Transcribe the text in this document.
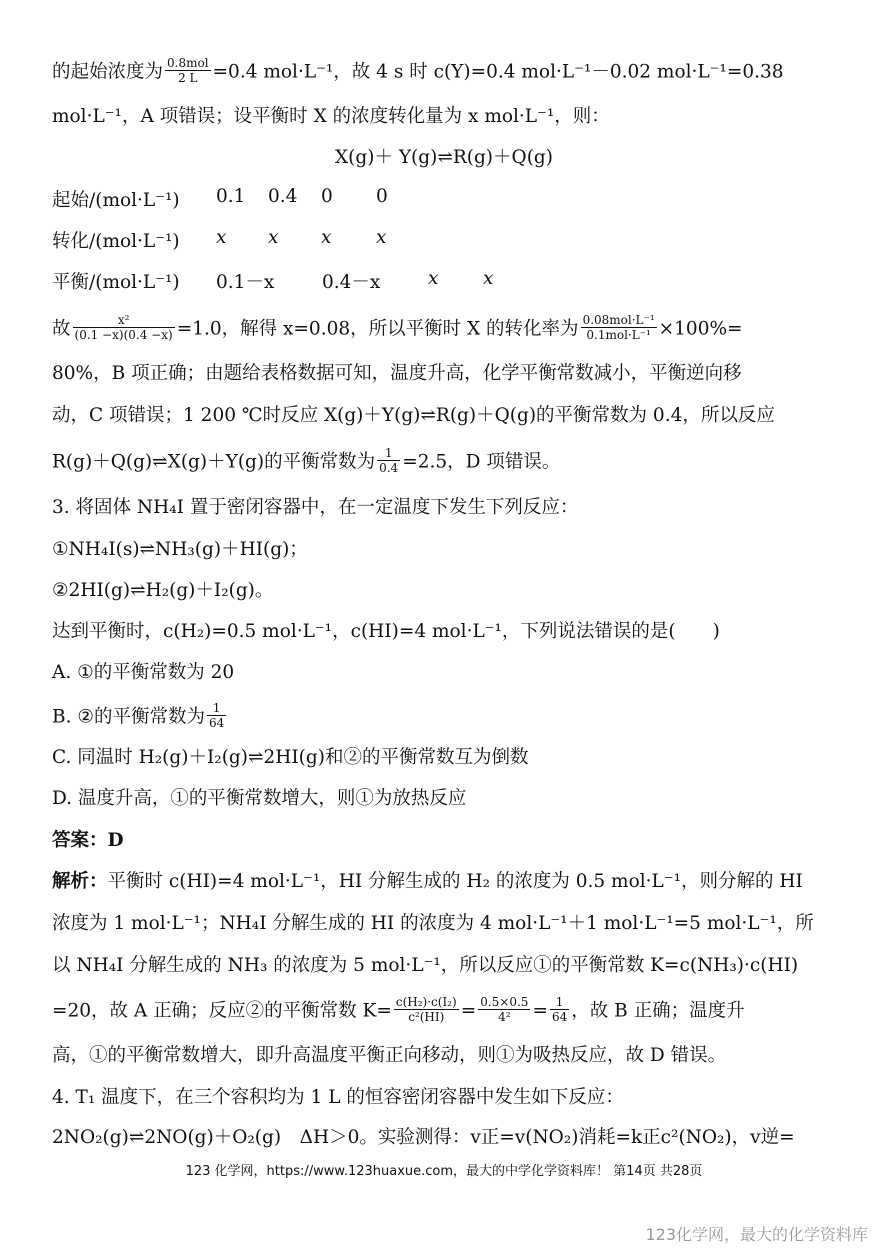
的起始浓度为 $\frac{\text{0.8mol}}{2 L} =0.4$ mol·L⁻¹，故 4 s 时 c(Y)=0.4 mol·L⁻¹－0.02 mol·L⁻¹=0.38
mol·L⁻¹，A 项错误；设平衡时 X 的浓度转化量为 x mol·L⁻¹，则：
X(g)＋ Y(g)⇌R(g)＋Q(g)
起始/(mol·L⁻¹) 0.1 0.4 0 0
转化/(mol·L⁻¹) x x x x
平衡/(mol·L⁻¹) 0.1－x	0.4－x	x x
故 $\frac{\text{x²}}{(0.1 -x)(0.4 -x)} =1.0$，解得 x=0.08，所以平衡时 X 的转化率为 $\frac{\text{0.08mol·L⁻¹}}{\text{0.1mol·L⁻¹}} \times 100\%=$
80%，B 项正确；由题给表格数据可知，温度升高，化学平衡常数减小，平衡逆向移
动，C 项错误；1 200 ℃时反应 X(g)＋Y(g)⇌R(g)＋Q(g)的平衡常数为 0.4，所以反应
R(g)＋Q(g)⇌X(g)＋Y(g)的平衡常数为 $\frac{1}{0.4} =2.5$，D 项错误。
3. 将固体 NH₄I 置于密闭容器中，在一定温度下发生下列反应：
①NH₄I(s)⇌NH₃(g)＋HI(g)；
②2HI(g)⇌H₂(g)＋I₂(g)。
达到平衡时，c(H₂)=0.5 mol·L⁻¹，c(HI)=4 mol·L⁻¹，下列说法错误的是(　　)
A. ①的平衡常数为 20
B. ②的平衡常数为 $\frac{1}{64}$
C. 同温时 H₂(g)＋I₂(g)⇌2HI(g)和②的平衡常数互为倒数
D. 温度升高，①的平衡常数增大，则①为放热反应
答案：D
解析：平衡时 c(HI)=4 mol·L⁻¹，HI 分解生成的 H₂ 的浓度为 0.5 mol·L⁻¹，则分解的 HI
浓度为 1 mol·L⁻¹；NH₄I 分解生成的 HI 的浓度为 4 mol·L⁻¹＋1 mol·L⁻¹=5 mol·L⁻¹，所
以 NH₄I 分解生成的 NH₃ 的浓度为 5 mol·L⁻¹，所以反应①的平衡常数 K=c(NH₃)·c(HI)
=20，故 A 正确；反应②的平衡常数 $K= \frac{\text{c(H₂)·c(I₂)}}{\text{c²(HI)}} = \frac{0.5\times 0.5}{\text{4²}} = \frac{1}{64}$ ，故 B 正确；温度升
高，①的平衡常数增大，即升高温度平衡正向移动，则①为吸热反应，故 D 错误。
4. T₁ 温度下，在三个容积均为 1 L 的恒容密闭容器中发生如下反应：
2NO₂(g)⇌2NO(g)＋O₂(g)　ΔH＞0。实验测得：v正=v(NO₂)消耗=k正c²(NO₂)，v逆=
123 化学网，https://www.123huaxue.com，最大的中学化学资料库！ 第14页 共28页
123化学网，最大的化学资料库
